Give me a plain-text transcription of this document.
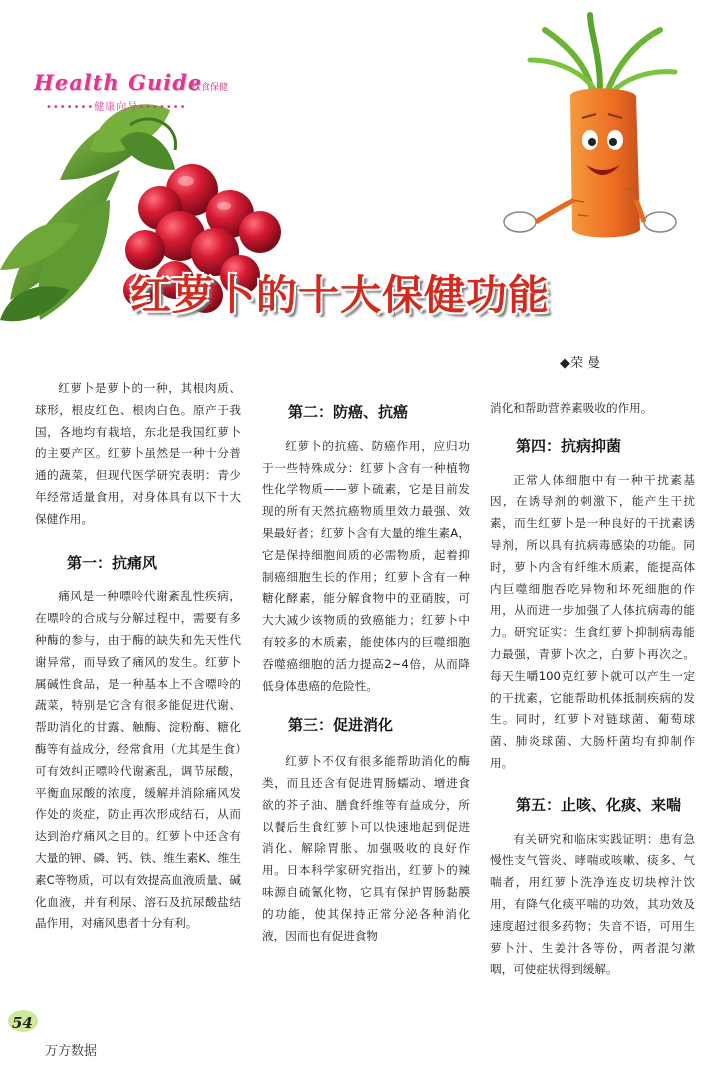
Health Guide
饮食保健
•••••••健康向导•••••••
红萝卜的十大保健功能
◆荣 曼

红萝卜是萝卜的一种，其根肉质、球形，根皮红色、根肉白色。原产于我国，各地均有栽培，东北是我国红萝卜的主要产区。红萝卜虽然是一种十分普通的蔬菜，但现代医学研究表明：青少年经常适量食用，对身体具有以下十大保健作用。

第一：抗痛风

痛风是一种嘌呤代谢紊乱性疾病，在嘌呤的合成与分解过程中，需要有多种酶的参与，由于酶的缺失和先天性代谢异常，而导致了痛风的发生。红萝卜属碱性食品，是一种基本上不含嘌呤的蔬菜，特别是它含有很多能促进代谢、帮助消化的甘露、触酶、淀粉酶、糖化酶等有益成分，经常食用（尤其是生食）可有效纠正嘌呤代谢紊乱，调节尿酸，平衡血尿酸的浓度，缓解并消除痛风发作处的炎症，防止再次形成结石，从而达到治疗痛风之目的。红萝卜中还含有大量的钾、磷、钙、铁、维生素K、维生素C等物质，可以有效提高血液质量、碱化血液，并有利尿、溶石及抗尿酸盐结晶作用，对痛风患者十分有利。

第二：防癌、抗癌

红萝卜的抗癌、防癌作用，应归功于一些特殊成分：红萝卜含有一种植物性化学物质——萝卜硫素，它是目前发现的所有天然抗癌物质里效力最强、效果最好者；红萝卜含有大量的维生素A，它是保持细胞间质的必需物质，起着抑制癌细胞生长的作用；红萝卜含有一种糖化酵素，能分解食物中的亚硝胺，可大大减少该物质的致癌能力；红萝卜中有较多的木质素，能使体内的巨噬细胞吞噬癌细胞的活力提高2~4倍，从而降低身体患癌的危险性。

第三：促进消化

红萝卜不仅有很多能帮助消化的酶类，而且还含有促进胃肠蠕动、增进食欲的芥子油、膳食纤维等有益成分，所以餐后生食红萝卜可以快速地起到促进消化、解除胃胀、加强吸收的良好作用。日本科学家研究指出，红萝卜的辣味源自硫氰化物，它具有保护胃肠黏膜的功能，使其保持正常分泌各种消化液，因而也有促进食物

消化和帮助营养素吸收的作用。

第四：抗病抑菌

正常人体细胞中有一种干扰素基因，在诱导剂的刺激下，能产生干扰素，而生红萝卜是一种良好的干扰素诱导剂，所以具有抗病毒感染的功能。同时，萝卜内含有纤维木质素，能提高体内巨噬细胞吞吃异物和坏死细胞的作用，从而进一步加强了人体抗病毒的能力。研究证实：生食红萝卜抑制病毒能力最强，青萝卜次之，白萝卜再次之。每天生嚼100克红萝卜就可以产生一定的干扰素，它能帮助机体抵制疾病的发生。同时，红萝卜对链球菌、葡萄球菌、肺炎球菌、大肠杆菌均有抑制作用。

第五：止咳、化痰、来喘

有关研究和临床实践证明：患有急慢性支气管炎、哮喘或咳嗽、痰多、气喘者，用红萝卜洗净连皮切块榨汁饮用，有降气化痰平喘的功效，其功效及速度超过很多药物；失音不语，可用生萝卜汁、生姜汁各等份，两者混匀漱咽，可使症状得到缓解。

54
万方数据
